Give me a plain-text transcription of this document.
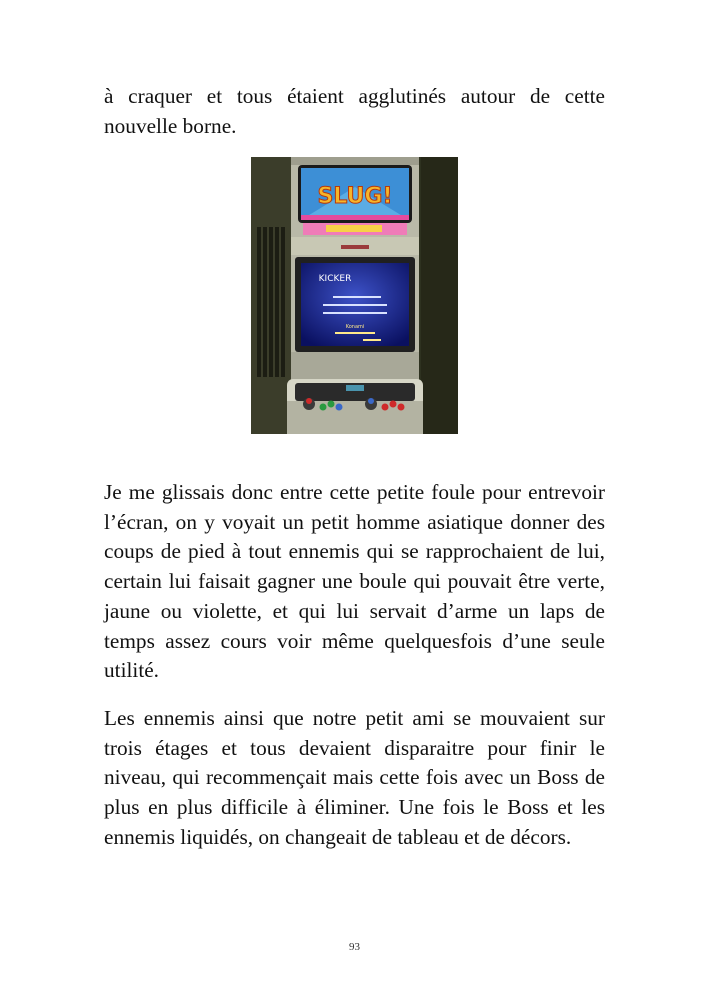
à craquer et tous étaient agglutinés autour de cette nouvelle borne.

SLUG!
KICKER
Konami

Je me glissais donc entre cette petite foule pour entrevoir l’écran, on y voyait un petit homme asiatique donner des coups de pied à tout ennemis qui se rapprochaient de lui, certain lui faisait gagner une boule qui pouvait être verte, jaune ou violette, et qui lui servait d’arme un laps de temps assez cours voir même quelquesfois d’une seule utilité.

Les ennemis ainsi que notre petit ami se mouvaient sur trois étages et tous devaient disparaitre pour finir le niveau, qui recommençait mais cette fois avec un Boss de plus en plus difficile à éliminer. Une fois le Boss et les ennemis liquidés, on changeait de tableau et de décors.

93
